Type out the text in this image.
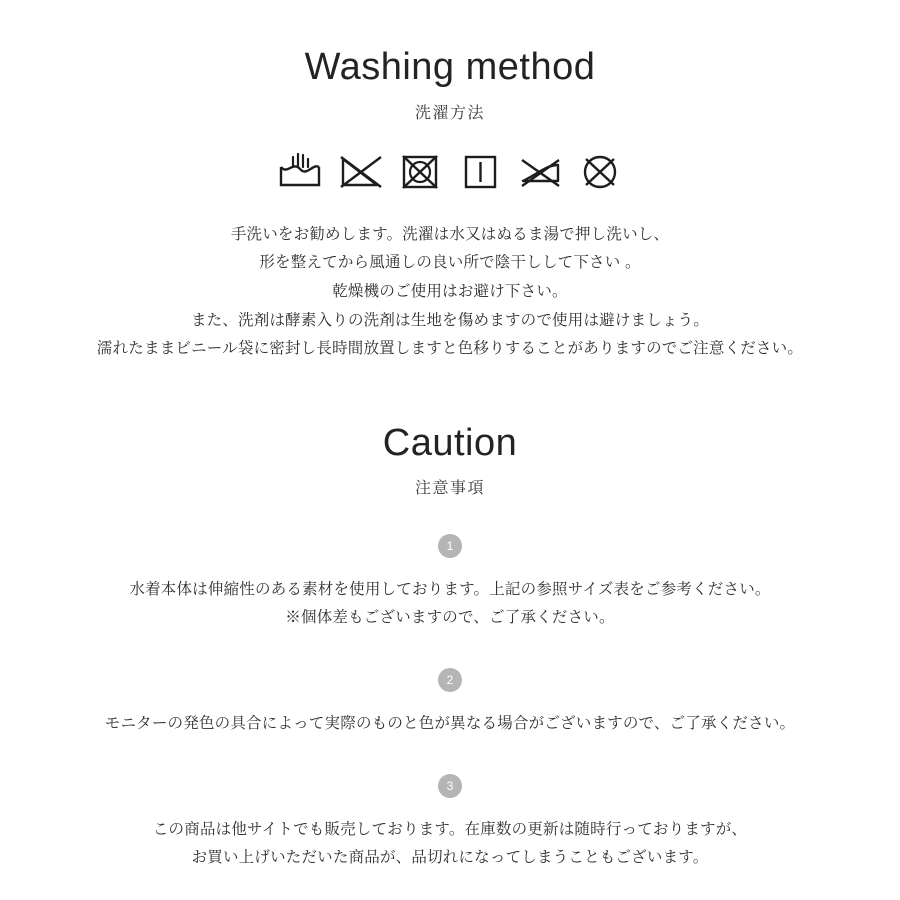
Washing method
洗濯方法
手洗いをお勧めします。洗濯は水又はぬるま湯で押し洗いし、
形を整えてから風通しの良い所で陰干しして下さい 。
乾燥機のご使用はお避け下さい。
また、洗剤は酵素入りの洗剤は生地を傷めますので使用は避けましょう。
濡れたままビニール袋に密封し長時間放置しますと色移りすることがありますのでご注意ください。
Caution
注意事項
1
水着本体は伸縮性のある素材を使用しております。上記の参照サイズ表をご参考ください。
※個体差もございますので、ご了承ください。
2
モニターの発色の具合によって実際のものと色が異なる場合がございますので、ご了承ください。
3
この商品は他サイトでも販売しております。在庫数の更新は随時行っておりますが、
お買い上げいただいた商品が、品切れになってしまうこともございます。
